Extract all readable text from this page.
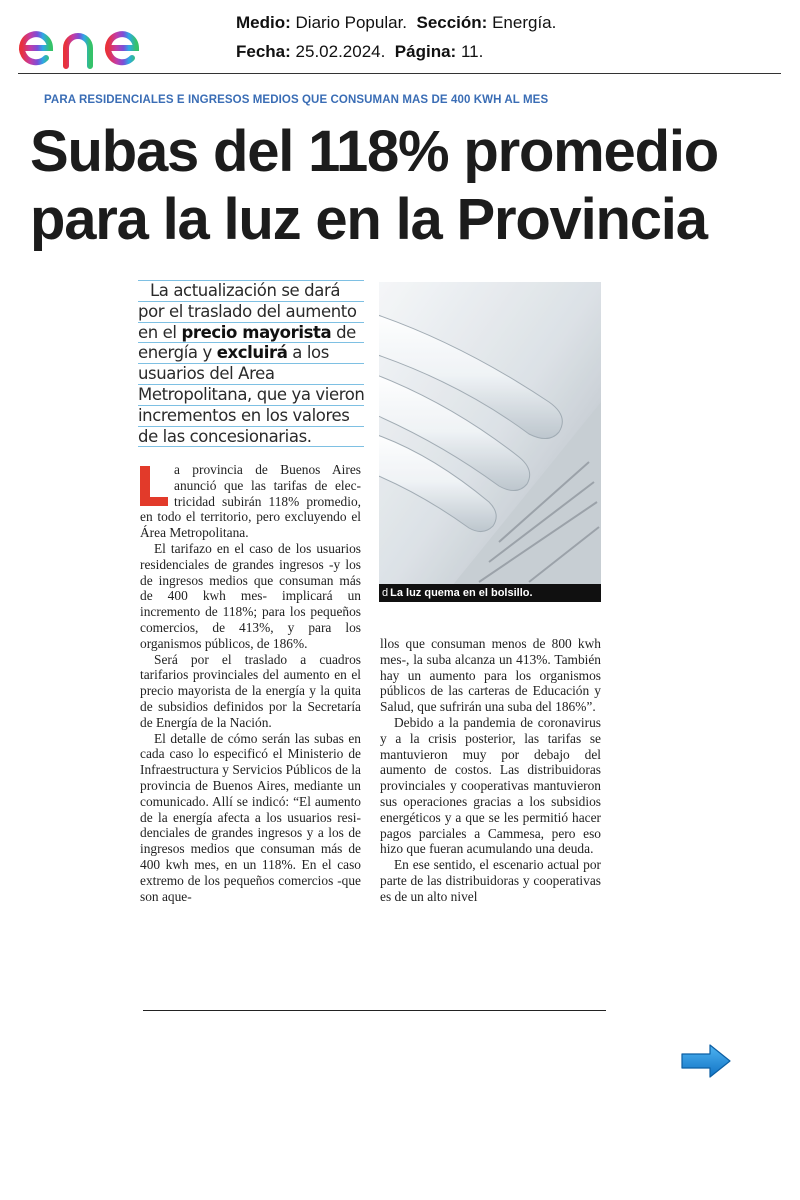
enel
Medio: Diario Popular. Sección: Energía.
Fecha: 25.02.2024. Página: 11.
PARA RESIDENCIALES E INGRESOS MEDIOS QUE CONSUMAN MAS DE 400 KWH AL MES
Subas del 118% promedio
para la luz en la Provincia
La actualización se dará
por el traslado del aumento
en el precio mayorista de
energía y excluirá a los
usuarios del Area
Metropolitana, que ya vieron
incrementos en los valores
de las concesionarias.
d La luz quema en el bolsillo.

a provincia de Buenos Aires anunció que las tarifas de electricidad subirán 118% promedio, en todo el territorio, pero excluyendo el Área Metropolitana.

El tarifazo en el caso de los usuarios residenciales de grandes ingresos -y los de ingresos medios que consuman más de 400 kwh mes- implicará un incremento de 118%; para los pequeños comercios, de 413%, y para los organismos públicos, de 186%.

Será por el traslado a cuadros tarifarios provinciales del aumento en el precio mayorista de la energía y la quita de subsidios definidos por la Secretaría de Energía de la Nación.

El detalle de cómo serán las subas en cada caso lo especificó el Ministerio de Infraestructura y Servicios Públicos de la provincia de Buenos Aires, mediante un comunicado. Allí se indicó: “El aumento de la energía afecta a los usuarios residenciales de grandes ingresos y a los de ingresos medios que consuman más de 400 kwh mes, en un 118%. En el caso extremo de los pequeños comercios -que son aque-

llos que consuman menos de 800 kwh mes-, la suba alcanza un 413%. También hay un aumento para los organismos públicos de las carteras de Educación y Salud, que sufrirán una suba del 186%”.

Debido a la pandemia de coronavirus y a la crisis posterior, las tarifas se mantuvieron muy por debajo del aumento de costos. Las distribuidoras provinciales y cooperativas mantuvieron sus operaciones gracias a los subsidios energéticos y a que se les permitió hacer pagos parciales a Cammesa, pero eso hizo que fueran acumulando una deuda.

En ese sentido, el escenario actual por parte de las distribuidoras y cooperativas es de un alto nivel
